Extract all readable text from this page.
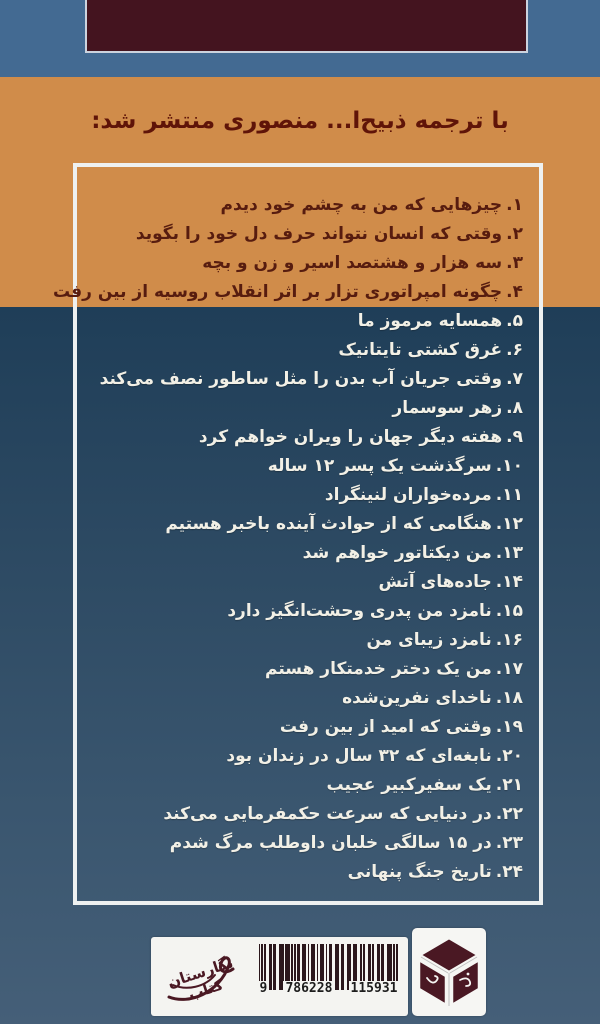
با ترجمه ذبیح‌ا... منصوری منتشر شد:
۱.چیزهایی که من به چشم خود دیدم
۲.وقتی که انسان نتواند حرف دل خود را بگوید
۳.سه هزار و هشتصد اسیر و زن و بچه
۴.چگونه امپراتوری تزار بر اثر انقلاب روسیه از بین رفت
۵.همسایه مرموز ما
۶.غرق کشتی تایتانیک
۷.وقتی جریان آب بدن را مثل ساطور نصف می‌کند
۸.زهر سوسمار
۹.هفته دیگر جهان را ویران خواهم کرد
۱۰.سرگذشت یک پسر ۱۲ ساله
۱۱.مرده‌خواران لنینگراد
۱۲.هنگامی که از حوادث آینده باخبر هستیم
۱۳.من دیکتاتور خواهم شد
۱۴.جاده‌های آتش
۱۵.نامزد من پدری وحشت‌انگیز دارد
۱۶.نامزد زیبای من
۱۷.من یک دختر خدمتکار هستم
۱۸.ناخدای نفرین‌شده
۱۹.وقتی که امید از بین رفت
۲۰.نابغه‌ای که ۳۲ سال در زندان بود
۲۱.یک سفیرکبیر عجیب
۲۲.در دنیایی که سرعت حکمفرمایی می‌کند
۲۳.در ۱۵ سالگی خلبان داوطلب مرگ شدم
۲۴.تاریخ جنگ پنهانی
نگارستان کتاب	9 786228 115931
